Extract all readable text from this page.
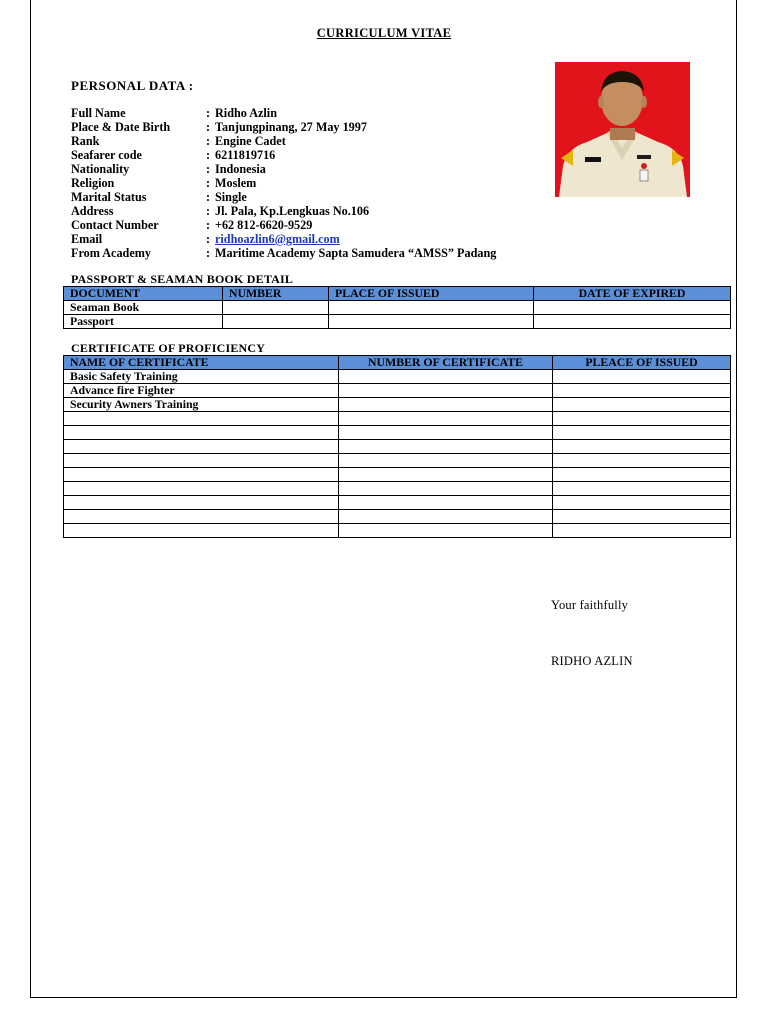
CURRICULUM VITAE
PERSONAL DATA :
Full Name	: Ridho Azlin
Place & Date Birth	: Tanjungpinang, 27 May 1997
Rank	: Engine Cadet
Seafarer code	: 6211819716
Nationality	: Indonesia
Religion	: Moslem
Marital Status	: Single
Address	: Jl. Pala, Kp.Lengkuas No.106
Contact Number	: +62 812-6620-9529
Email	: ridhoazlin6@gmail.com
From Academy	: Maritime Academy Sapta Samudera “AMSS” Padang
PASSPORT & SEAMAN BOOK DETAIL
DOCUMENT	NUMBER	PLACE OF ISSUED	DATE OF EXPIRED
Seaman Book			
Passport			
CERTIFICATE OF PROFICIENCY
NAME OF CERTIFICATE	NUMBER OF CERTIFICATE	PLEACE OF ISSUED
Basic Safety Training		
Advance fire Fighter		
Security Awners Training		

Your faithfully
RIDHO AZLIN
